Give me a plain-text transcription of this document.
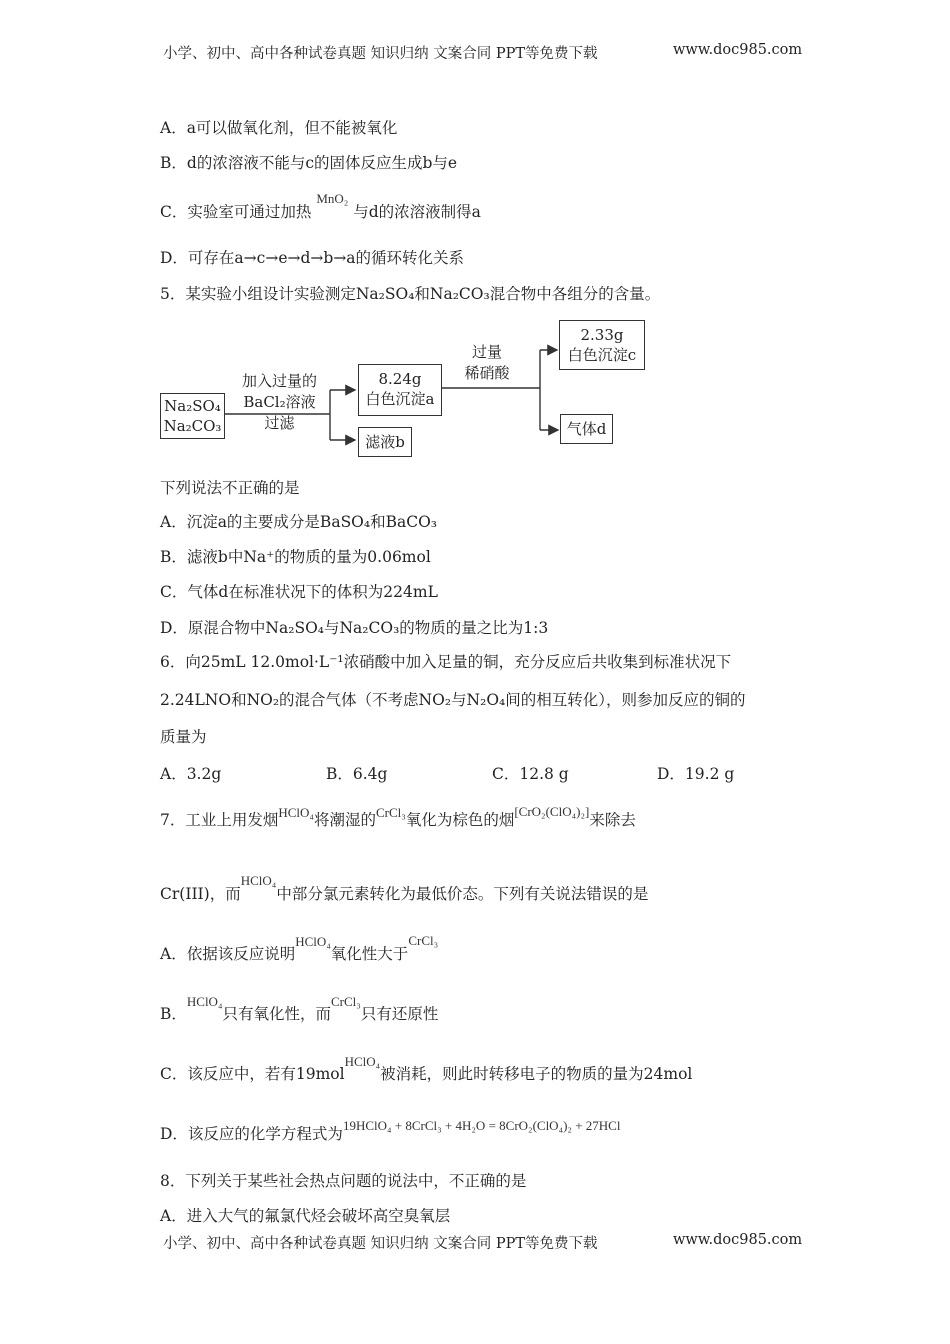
小学、初中、高中各种试卷真题 知识归纳 文案合同 PPT等免费下载	www.doc985.com
A．a可以做氧化剂，但不能被氧化
B．d的浓溶液不能与c的固体反应生成b与e
C．实验室可通过加热 $^{MnO_2}$ 与d的浓溶液制得a
D．可存在a→c→e→d→b→a的循环转化关系
5．某实验小组设计实验测定Na₂SO₄和Na₂CO₃混合物中各组分的含量。
Na₂SO₄
Na₂CO₃
加入过量的
BaCl₂溶液
过滤
8.24g
白色沉淀a
滤液b
过量
稀硝酸
2.33g
白色沉淀c
气体d
下列说法不正确的是
A．沉淀a的主要成分是BaSO₄和BaCO₃
B．滤液b中Na⁺的物质的量为0.06mol
C．气体d在标准状况下的体积为224mL
D．原混合物中Na₂SO₄与Na₂CO₃的物质的量之比为1:3
6．向25mL 12.0mol·L⁻¹浓硝酸中加入足量的铜，充分反应后共收集到标准状况下
2.24LNO和NO₂的混合气体（不考虑NO₂与N₂O₄间的相互转化），则参加反应的铜的
质量为
A．3.2g	B．6.4g	C．12.8 g	D．19.2 g
7．工业上用发烟$^{HClO_4}$将潮湿的$^{CrCl_3}$氧化为棕色的烟[CrO₂(ClO₄)₂]来除去
Cr(III)，而$^{HClO_4}$中部分氯元素转化为最低价态。下列有关说法错误的是
A．依据该反应说明$^{HClO_4}$氧化性大于$^{CrCl_3}$
B．$^{HClO_4}$只有氧化性，而$^{CrCl_3}$只有还原性
C．该反应中，若有19mol$^{HClO_4}$被消耗，则此时转移电子的物质的量为24mol
D．该反应的化学方程式为$^{19HClO_4 + 8CrCl_3 + 4H_2O = 8CrO_2(ClO_4)_2 + 27HCl}$
8．下列关于某些社会热点问题的说法中，不正确的是
A．进入大气的氟氯代烃会破坏高空臭氧层
小学、初中、高中各种试卷真题 知识归纳 文案合同 PPT等免费下载	www.doc985.com
